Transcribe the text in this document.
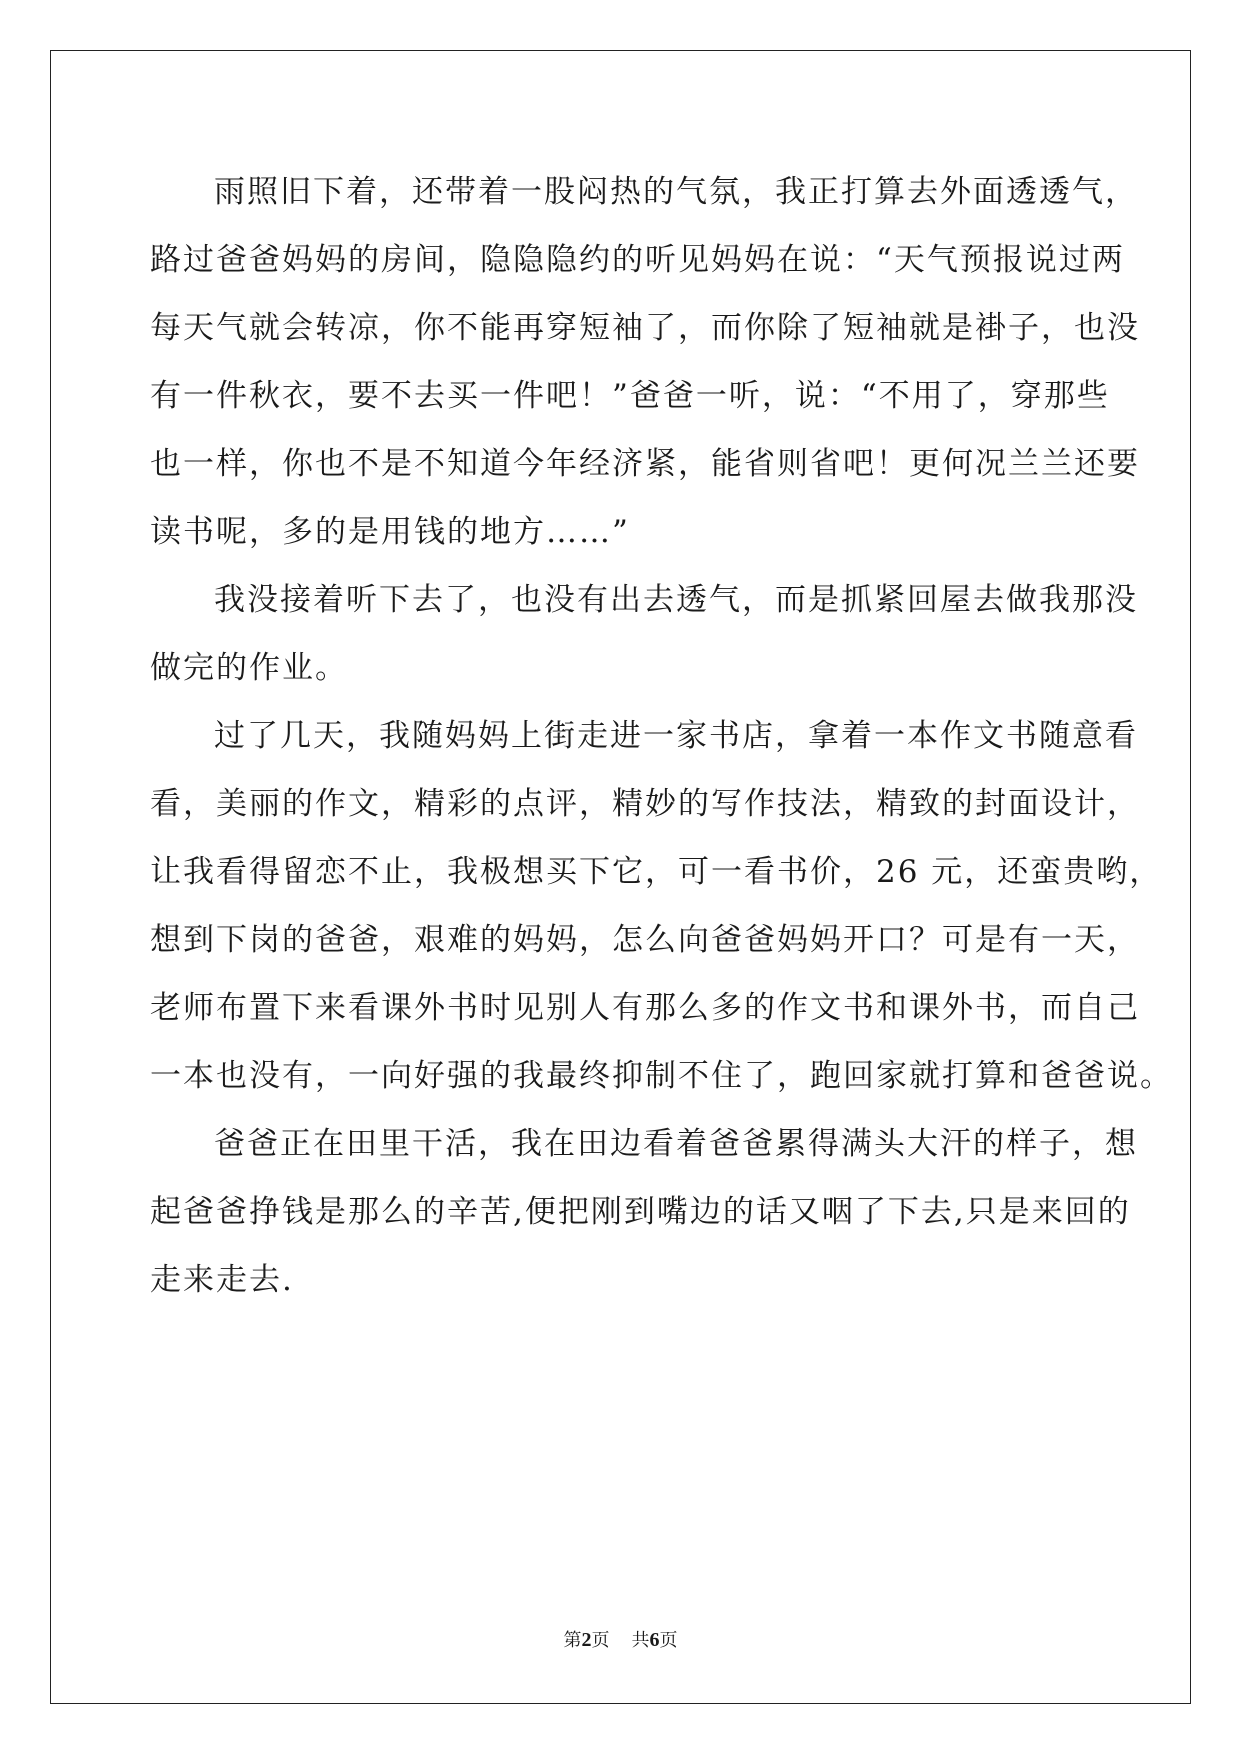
雨照旧下着，还带着一股闷热的气氛，我正打算去外面透透气，
路过爸爸妈妈的房间，隐隐隐约的听见妈妈在说：“天气预报说过两
每天气就会转凉，你不能再穿短袖了，而你除了短袖就是褂子，也没
有一件秋衣，要不去买一件吧！”爸爸一听，说：“不用了，穿那些
也一样，你也不是不知道今年经济紧，能省则省吧！更何况兰兰还要
读书呢，多的是用钱的地方……”
我没接着听下去了，也没有出去透气，而是抓紧回屋去做我那没
做完的作业。
过了几天，我随妈妈上街走进一家书店，拿着一本作文书随意看
看，美丽的作文，精彩的点评，精妙的写作技法，精致的封面设计，
让我看得留恋不止，我极想买下它，可一看书价，26 元，还蛮贵哟，
想到下岗的爸爸，艰难的妈妈，怎么向爸爸妈妈开口？可是有一天，
老师布置下来看课外书时见别人有那么多的作文书和课外书，而自己
一本也没有，一向好强的我最终抑制不住了，跑回家就打算和爸爸说。
爸爸正在田里干活，我在田边看着爸爸累得满头大汗的样子，想
起爸爸挣钱是那么的辛苦,便把刚到嘴边的话又咽了下去,只是来回的
走来走去.
第2页 共6页
